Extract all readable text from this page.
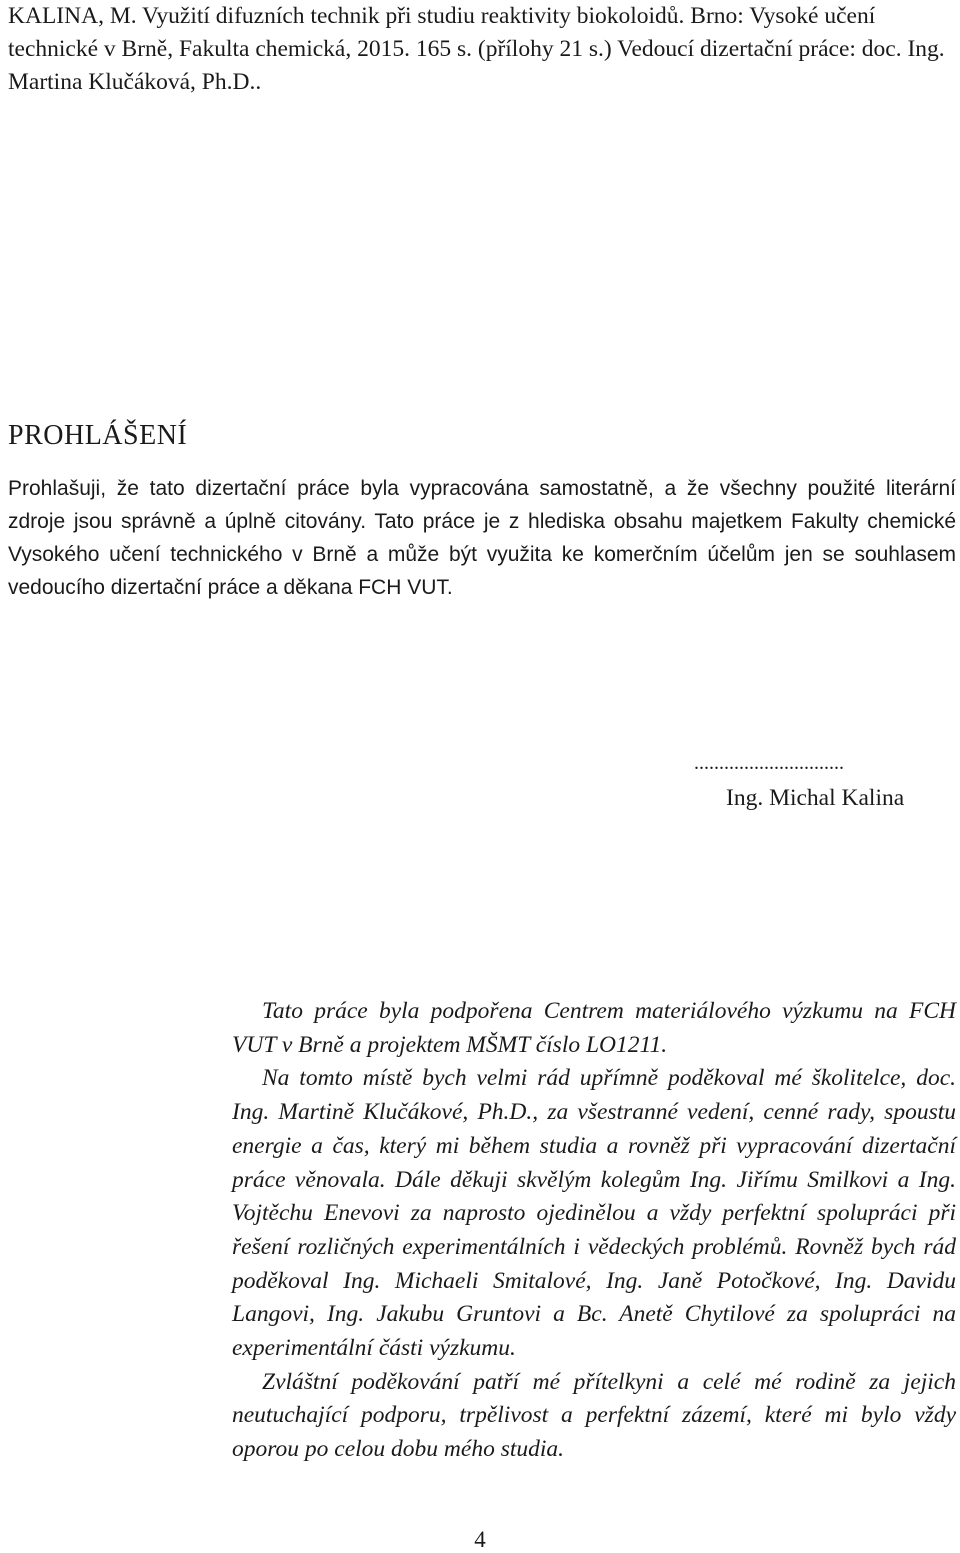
KALINA, M. Využití difuzních technik při studiu reaktivity biokoloidů. Brno: Vysoké učení technické v Brně, Fakulta chemická, 2015. 165 s. (přílohy 21 s.) Vedoucí dizertační práce: doc. Ing. Martina Klučáková, Ph.D..

PROHLÁŠENÍ

Prohlašuji, že tato dizertační práce byla vypracována samostatně, a že všechny použité literární zdroje jsou správně a úplně citovány. Tato práce je z hlediska obsahu majetkem Fakulty chemické Vysokého učení technického v Brně a může být využita ke komerčním účelům jen se souhlasem vedoucího dizertační práce a děkana FCH VUT.

..............................
Ing. Michal Kalina

Tato práce byla podpořena Centrem materiálového výzkumu na FCH VUT v Brně a projektem MŠMT číslo LO1211.

Na tomto místě bych velmi rád upřímně poděkoval mé školitelce, doc. Ing. Martině Klučákové, Ph.D., za všestranné vedení, cenné rady, spoustu energie a čas, který mi během studia a rovněž při vypracování dizertační práce věnovala. Dále děkuji skvělým kolegům Ing. Jiřímu Smilkovi a Ing. Vojtěchu Enevovi za naprosto ojedinělou a vždy perfektní spolupráci při řešení rozličných experimentálních i vědeckých problémů. Rovněž bych rád poděkoval Ing. Michaeli Smitalové, Ing. Janě Potočkové, Ing. Davidu Langovi, Ing. Jakubu Gruntovi a Bc. Anetě Chytilové za spolupráci na experimentální části výzkumu.

Zvláštní poděkování patří mé přítelkyni a celé mé rodině za jejich neutuchající podporu, trpělivost a perfektní zázemí, které mi bylo vždy oporou po celou dobu mého studia.

4
